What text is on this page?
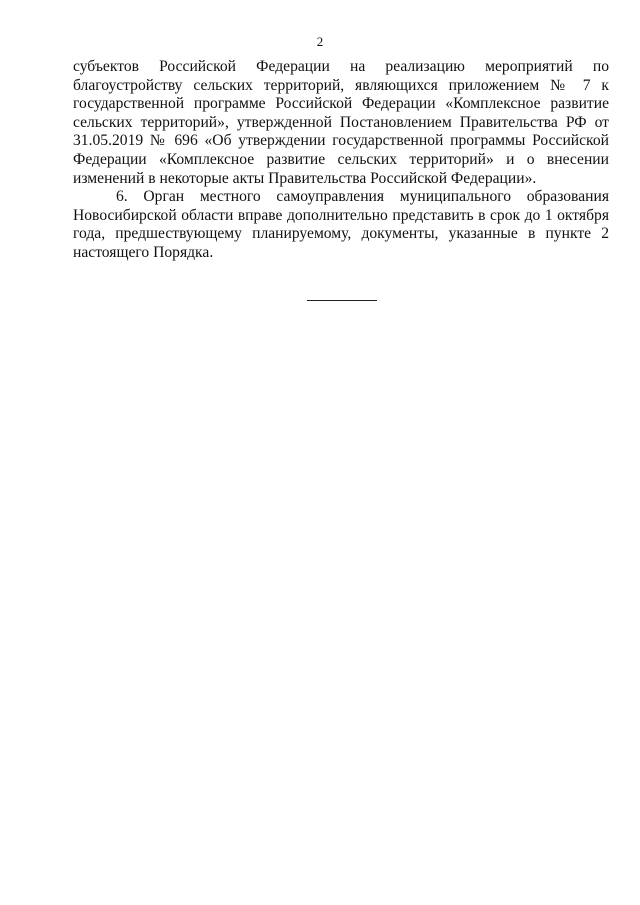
2

субъектов Российской Федерации на реализацию мероприятий по благоустройству сельских территорий, являющихся приложением № 7 к государственной программе Российской Федерации «Комплексное развитие сельских территорий», утвержденной Постановлением Правительства РФ от 31.05.2019 № 696 «Об утверждении государственной программы Российской Федерации «Комплексное развитие сельских территорий» и о внесении изменений в некоторые акты Правительства Российской Федерации».

6. Орган местного самоуправления муниципального образования Новосибирской области вправе дополнительно представить в срок до 1 октября года, предшествующему планируемому, документы, указанные в пункте 2 настоящего Порядка.
